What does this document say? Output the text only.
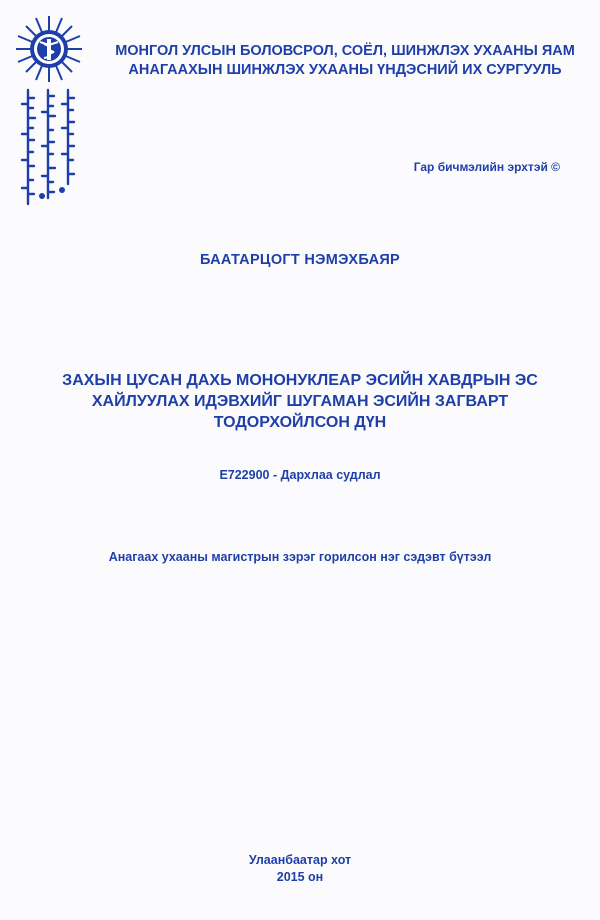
МОНГОЛ УЛСЫН БОЛОВСРОЛ, СОЁЛ, ШИНЖЛЭХ УХААНЫ ЯАМ
АНАГААХЫН ШИНЖЛЭХ УХААНЫ ҮНДЭСНИЙ ИХ СУРГУУЛЬ
Гар бичмэлийн эрхтэй ©
БААТАРЦОГТ НЭМЭХБАЯР
ЗАХЫН ЦУСАН ДАХЬ МОНОНУКЛЕАР ЭСИЙН ХАВДРЫН ЭС
ХАЙЛУУЛАХ ИДЭВХИЙГ ШУГАМАН ЭСИЙН ЗАГВАРТ
ТОДОРХОЙЛСОН ДҮН
E722900 - Дархлаа судлал
Анагаах ухааны магистрын зэрэг горилсон нэг сэдэвт бүтээл
Улаанбаатар хот
2015 он
